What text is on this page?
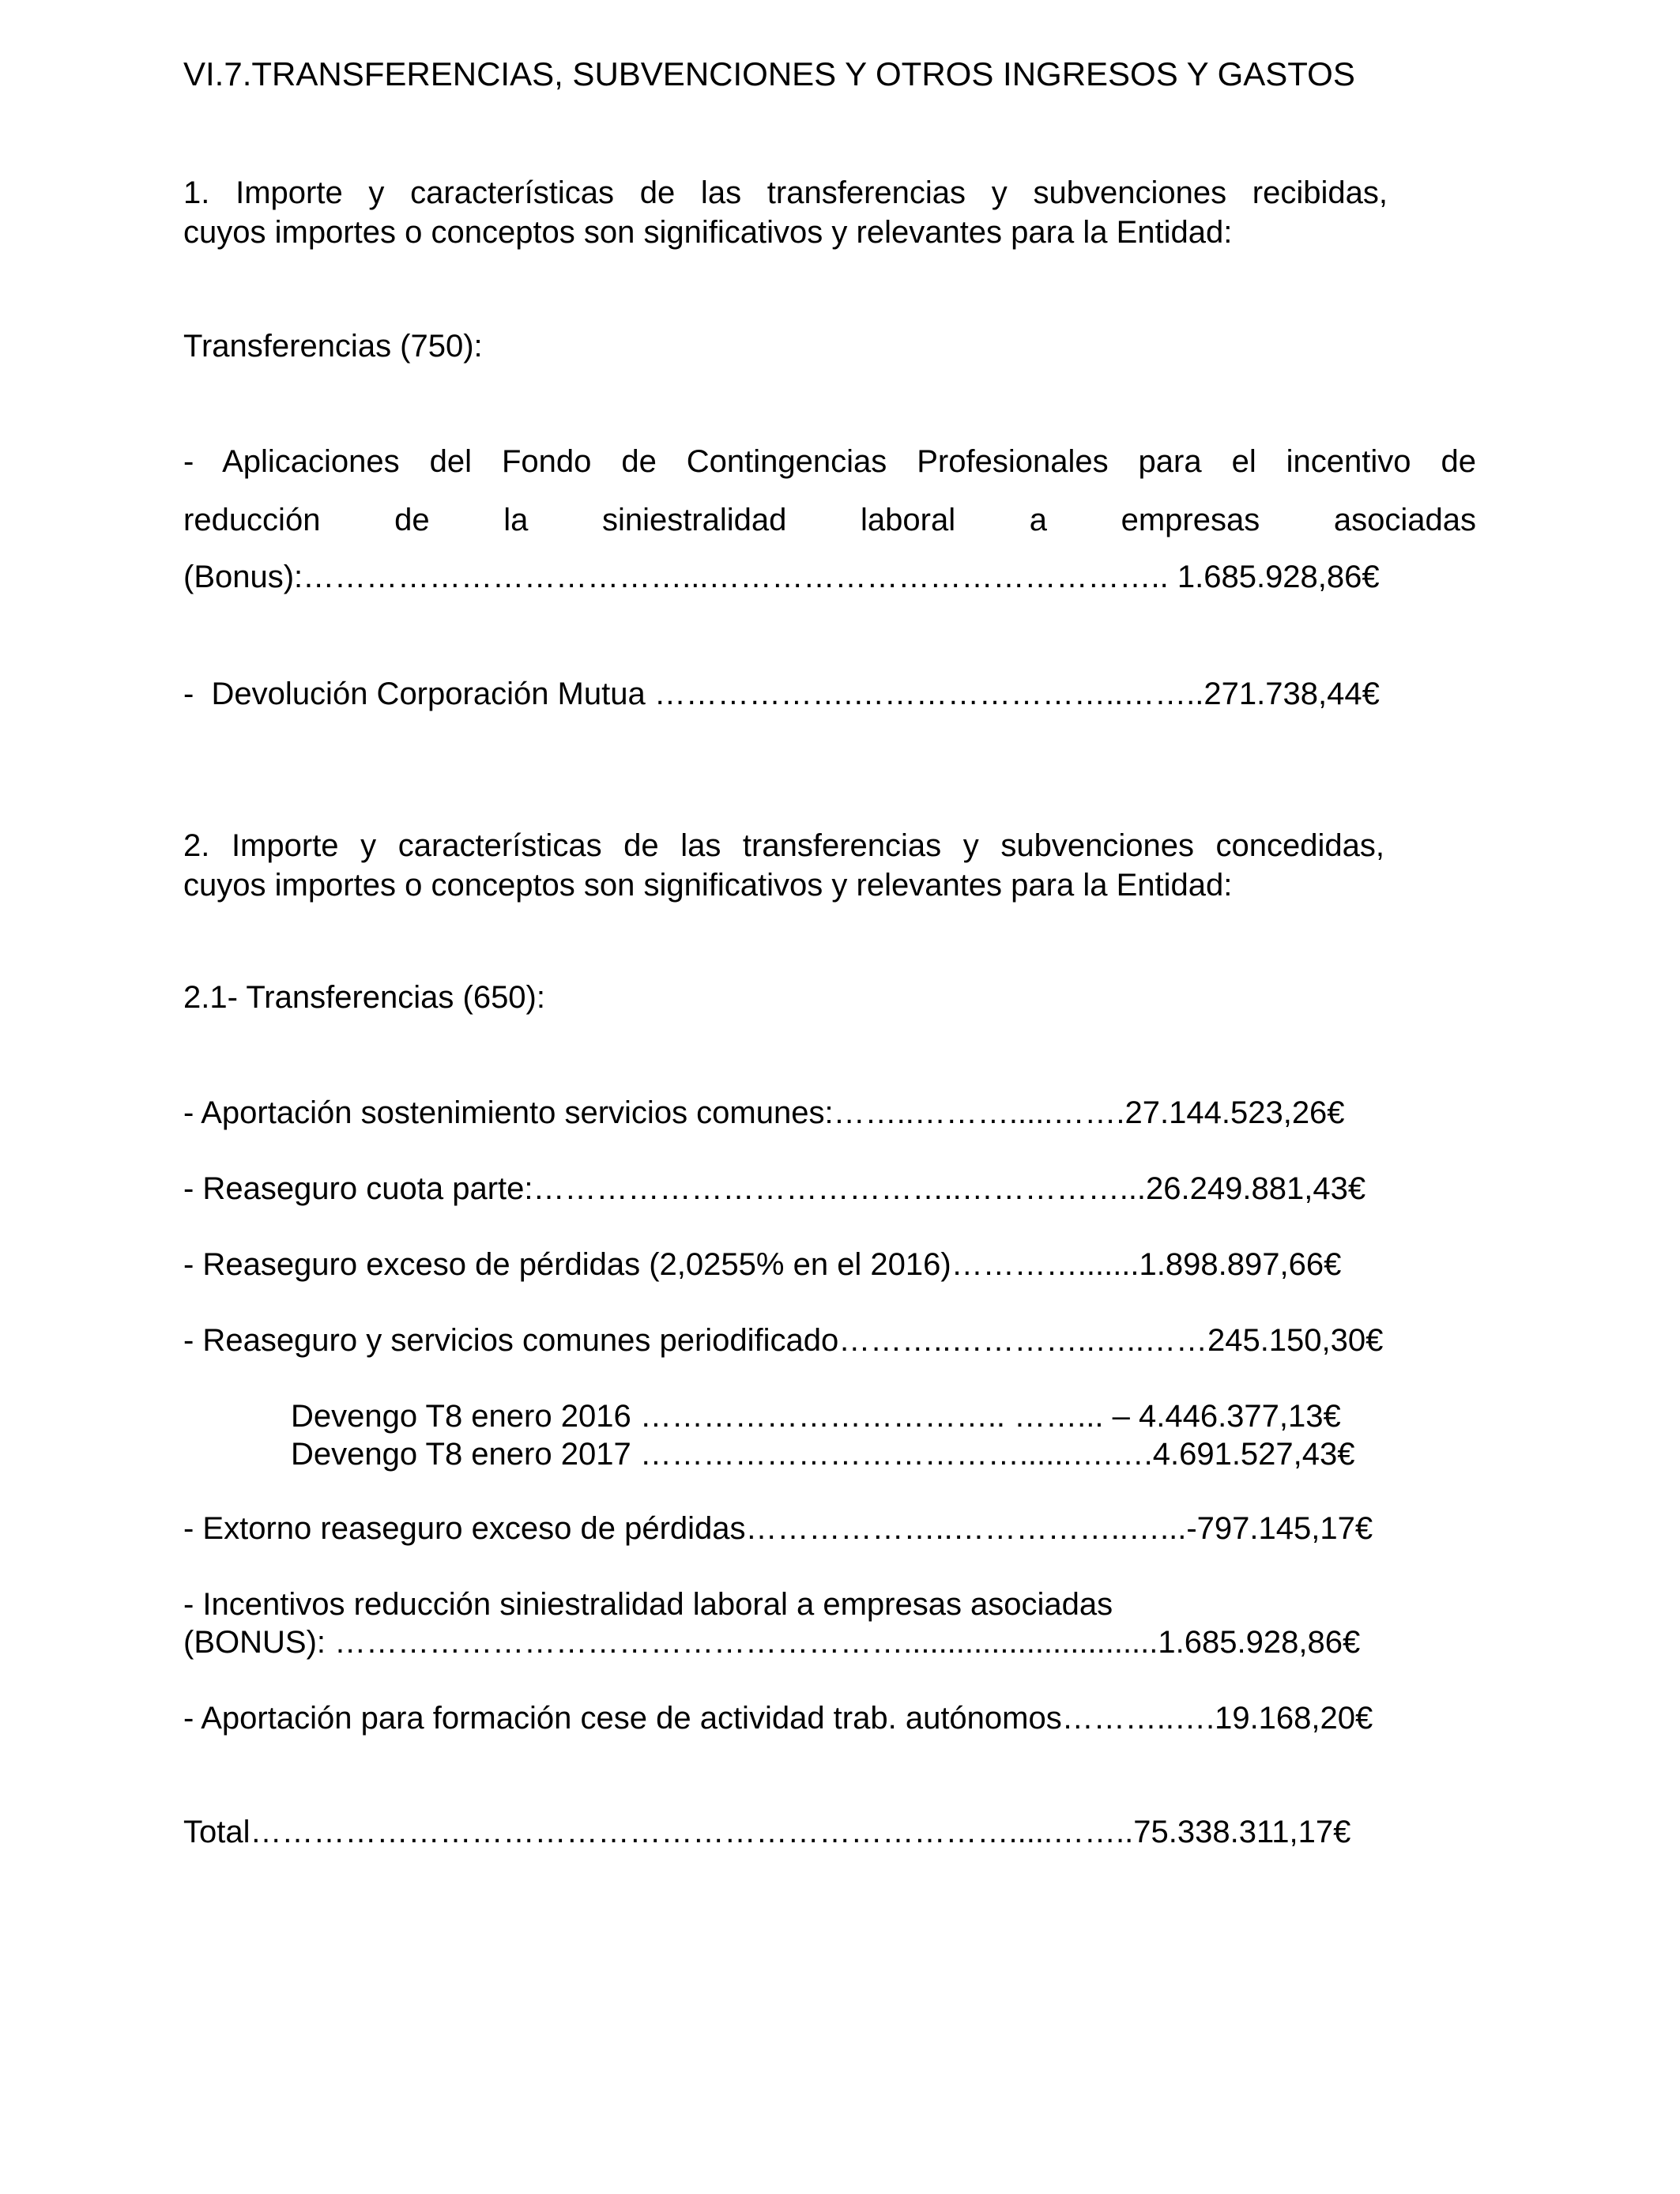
VI.7.TRANSFERENCIAS, SUBVENCIONES Y OTROS INGRESOS Y GASTOS
1. Importe y características de las transferencias y subvenciones recibidas,
cuyos importes o conceptos son significativos y relevantes para la Entidad:
Transferencias (750):
- Aplicaciones del Fondo de Contingencias Profesionales para el incentivo de
reducción de la siniestralidad laboral a empresas asociadas
(Bonus):………………………………...…………………………………….. 1.685.928,86€
-  Devolución Corporación Mutua ……………….……………………..……..271.738,44€
2. Importe y características de las transferencias y subvenciones concedidas,
cuyos importes o conceptos son significativos y relevantes para la Entidad:
2.1- Transferencias (650):
- Aportación sostenimiento servicios comunes:……..……….....…….27.144.523,26€
- Reaseguro cuota parte:…………………………………..……………...26.249.881,43€
- Reaseguro exceso de pérdidas (2,0255% en el 2016)………….......1.898.897,66€
- Reaseguro y servicios comunes periodificado………..…………..…..……245.150,30€
Devengo T8 enero 2016 …………………………….. ……... – 4.446.377,13€
Devengo T8 enero 2017 ………………………………......….….4.691.527,43€
- Extorno reaseguro exceso de pérdidas………………..……………..…...-797.145,17€
- Incentivos reducción siniestralidad laboral a empresas asociadas
(BONUS): ……………………………………………….............................1.685.928,86€
- Aportación para formación cese de actividad trab. autónomos………..….19.168,20€
Total……………………………………………………………….....……..75.338.311,17€
